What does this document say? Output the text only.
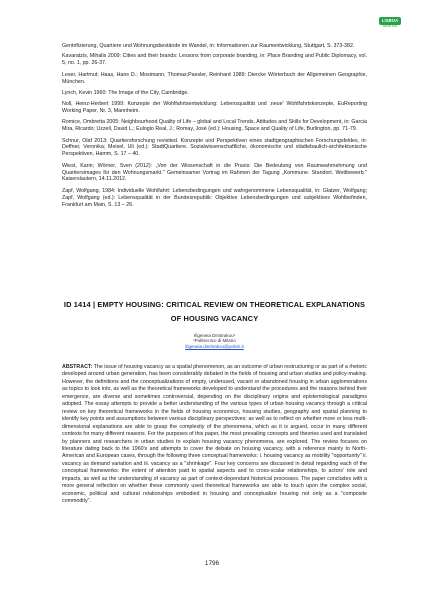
LISBOA
AESOP 2015

Gentrifizierung, Quartiere und Wohnungsbestände im Wandel, in: Informationen zur Raumentwicklung, Stuttgart, S. 373-382.

Kavaratzis, Mihalis 2009: Cities and their brands: Lessons from corporate branding, in: Place Branding and Public Diplomacy, vol. 5, no. 1, pp. 26-37.

Leser, Hartmut; Haas, Hans D.; Mosimann, Thomas;Paesler, Reinhard 1989: Diercke Wörterbuch der Allgemeinen Geographie, München.

Lynch, Kevin 1960: The Image of the City, Cambridge.

Noll, Heinz-Herbert 1999: Konzepte der Wohlfahrtsentwicklung: Lebensqualität und ‚neue' Wohlfahrtskonzepte, EuReporting Working Paper, Nr. 3, Mannheim.

Romice, Ombretta 2005: Neighbourhood Quality of Life – global and Local Trends, Attitudes and Skills for Development, in: Garcia Mira, Ricardo; Uzzell, David L.; Eulogio Real, J.; Romay, José (ed.): Housing, Space and Quality of Life, Burlington, pp. 71-79.

Schnur, Olaf 2013: Quartiersforschung revisited. Konzepte und Perspektiven eines stadtgeographischen Forschungsfeldes, in: Deffner, Veronika; Meisel, Uli (ed.): StadtQuartiere. Sozialwissenschaftliche, ökonomische und städtebaulich-architektonische Perspektiven, Hamm, S. 17 – 40.

Wiest, Karin; Wörner, Sven (2012): „Von der Wissenschaft in die Praxis: Die Bedeutung von Raumwahrnehmung und Quartiersimages für den Wohnungsmarkt." Gemeinsamer Vortrag im Rahmen der Tagung „Kommune. Standort. Wettbewerb." Kaiserslautern, 14.11.2012.

Zapf, Wolfgang, 1984: Individuelle Wohlfahrt: Lebensbedingungen und wahrgenommene Lebensqualität, in: Glatzer, Wolfgang; Zapf, Wolfgang (ed.): Lebensqualität in der Bundesrepublik: Objektive Lebensbedingungen und subjektives Wohlbefinden, Frankfurt am Main, S. 13 – 26.

ID 1414 | EMPTY HOUSING: CRITICAL REVIEW ON THEORETICAL EXPLANATIONS OF HOUSING VACANCY
Ifigeneia Dimitrakou¹
¹Politecnico di Milano
ifigeneia.dimitrakou@polimi.it
ABSTRACT: The issue of housing vacancy as a spatial phenomenon, as an outcome of urban restructuring or as part of a rhetoric developed around urban generation, has been considerably debated in the fields of housing and urban studies and policy-making. However, the definitions and the conceptualizations of empty, underused, vacant or abandoned housing in urban agglomerations as topics to look into, as well as the theoretical frameworks developed to understand the procedures and the reasons behind their emergence, are diverse and sometimes controversial, depending on the disciplinary origins and epistemological paradigms adopted. The essay attempts to provide a better understanding of the various types of urban housing vacancy through a critical review on key theoretical frameworks in the fields of housing economics, housing studies, geography and spatial planning to identify key points and assumptions between various disciplinary perspectives; as well as to reflect on whether more or less multi-dimensional explanations are able to grasp the complexity of the phenomena, which as it is argued, occur in many different contexts for many different reasons. For the purposes of this paper, the most prevailing concepts and theories used and translated by planners and researchers in urban studies to explain housing vacancy phenomena, are explored. The review focuses on literature dating back to the 1960's and attempts to cover the debate on housing vacancy, with a reference mainly to North-American and European cases, through the following three conceptual frameworks: i. housing vacancy as mobility "opportunity" ii. vacancy as demand variation and iii. vacancy as a "shrinkage". Four key concerns are discussed in detail regarding each of the conceptual frameworks: the extent of attention paid to spatial aspects and to cross-scalar relationships, to actors' role and impacts, as well as the understanding of vacancy as part of context-dependant historical processes. The paper concludes with a more general reflection on whether these commonly used theoretical frameworks are able to touch upon the complex social, economic, political and cultural relationships embodied in housing and conceptualize housing not only as a "composite commodity".
1796
